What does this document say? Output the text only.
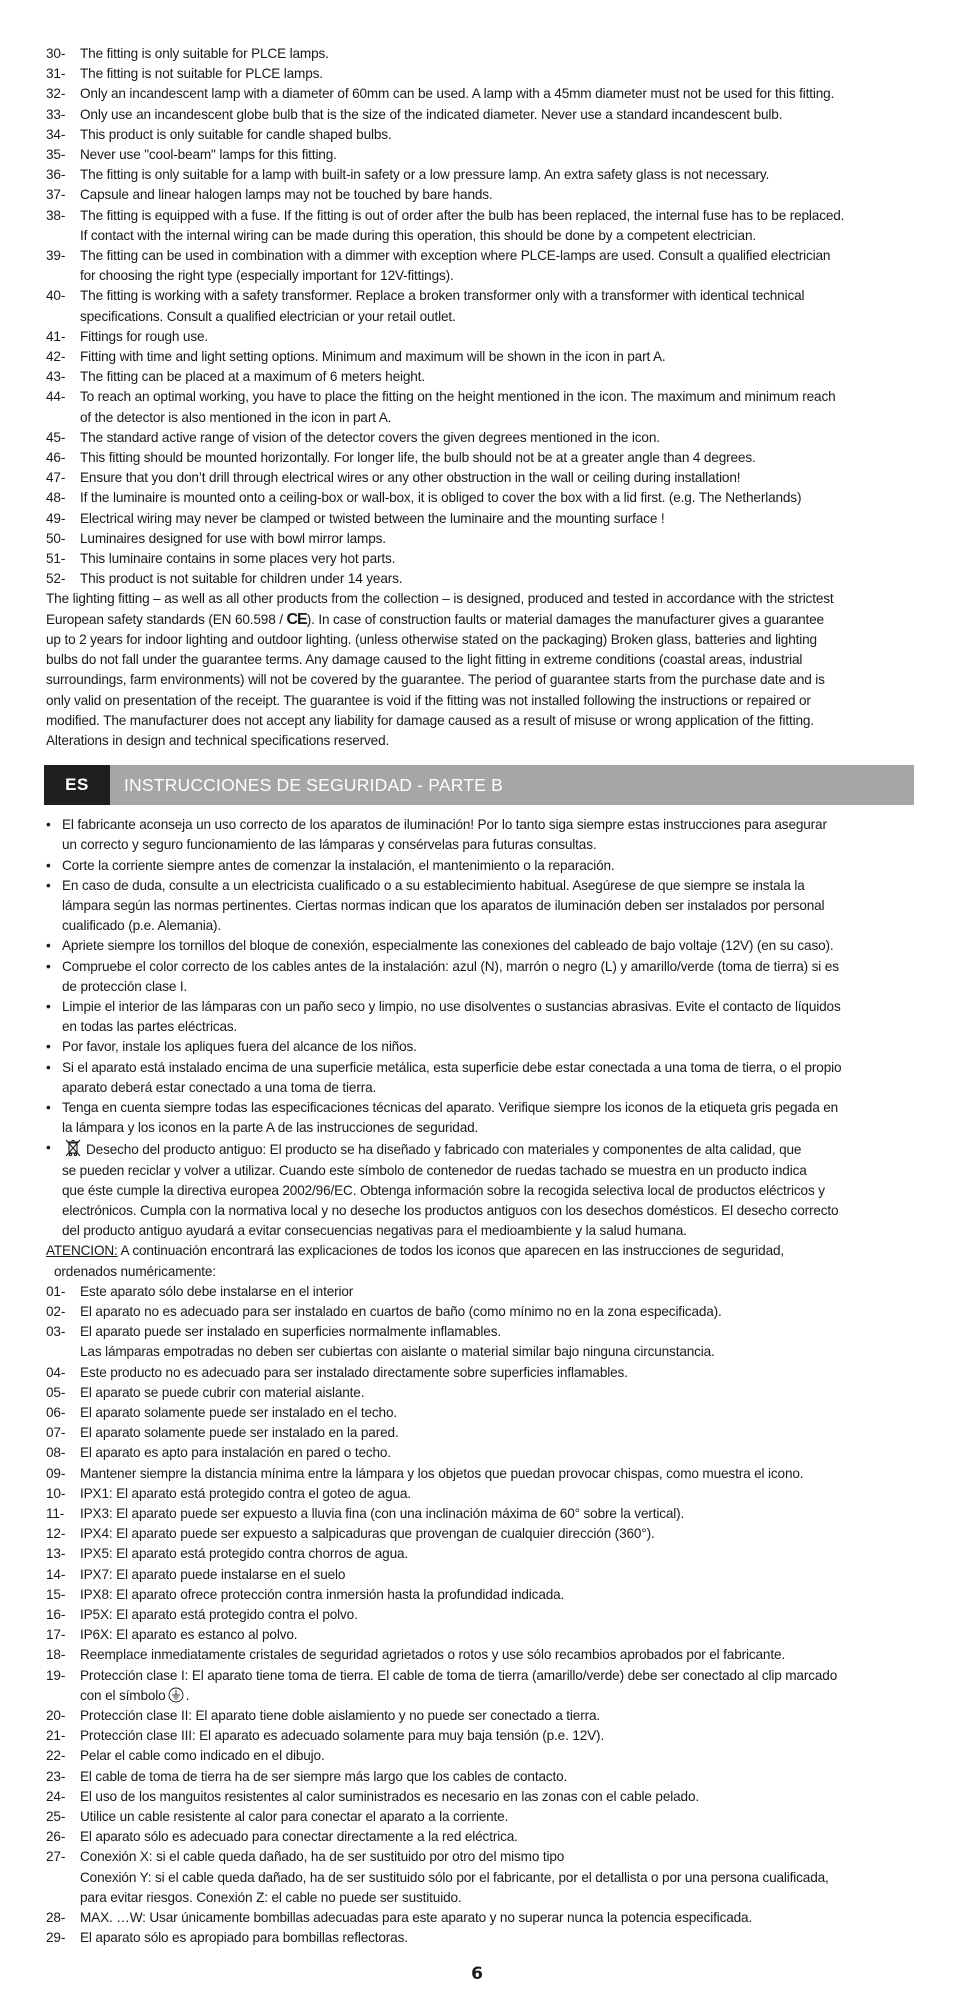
30-	The fitting is only suitable for PLCE lamps.
31-	The fitting is not suitable for PLCE lamps.
32-	Only an incandescent lamp with a diameter of 60mm can be used. A lamp with a 45mm diameter must not be used for this fitting.
33-	Only use an incandescent globe bulb that is the size of the indicated diameter. Never use a standard incandescent bulb.
34-	This product is only suitable for candle shaped bulbs.
35-	Never use "cool-beam" lamps for this fitting.
36-	The fitting is only suitable for a lamp with built-in safety or a low pressure lamp. An extra safety glass is not necessary.
37-	Capsule and linear halogen lamps may not be touched by bare hands.
38-	The fitting is equipped with a fuse. If the fitting is out of order after the bulb has been replaced, the internal fuse has to be replaced.
If contact with the internal wiring can be made during this operation, this should be done by a competent electrician.
39-	The fitting can be used in combination with a dimmer with exception where PLCE-lamps are used. Consult a qualified electrician
for choosing the right type (especially important for 12V-fittings).
40-	The fitting is working with a safety transformer. Replace a broken transformer only with a transformer with identical technical
specifications. Consult a qualified electrician or your retail outlet.
41-	Fittings for rough use.
42-	Fitting with time and light setting options. Minimum and maximum will be shown in the icon in part A.
43-	The fitting can be placed at a maximum of 6 meters height.
44-	To reach an optimal working, you have to place the fitting on the height mentioned in the icon. The maximum and minimum reach
of the detector is also mentioned in the icon in part A.
45-	The standard active range of vision of the detector covers the given degrees mentioned in the icon.
46-	This fitting should be mounted horizontally. For longer life, the bulb should not be at a greater angle than 4 degrees.
47-	Ensure that you don’t drill through electrical wires or any other obstruction in the wall or ceiling during installation!
48-	If the luminaire is mounted onto a ceiling-box or wall-box, it is obliged to cover the box with a lid first. (e.g. The Netherlands)
49-	Electrical wiring may never be clamped or twisted between the luminaire and the mounting surface !
50-	Luminaires designed for use with bowl mirror lamps.
51-	This luminaire contains in some places very hot parts.
52-	This product is not suitable for children under 14 years.
The lighting fitting – as well as all other products from the collection – is designed, produced and tested in accordance with the strictest
European safety standards (EN 60.598 / CE). In case of construction faults or material damages the manufacturer gives a guarantee
up to 2 years for indoor lighting and outdoor lighting. (unless otherwise stated on the packaging) Broken glass, batteries and lighting
bulbs do not fall under the guarantee terms. Any damage caused to the light fitting in extreme conditions (coastal areas, industrial
surroundings, farm environments) will not be covered by the guarantee. The period of guarantee starts from the purchase date and is
only valid on presentation of the receipt. The guarantee is void if the fitting was not installed following the instructions or repaired or
modified. The manufacturer does not accept any liability for damage caused as a result of misuse or wrong application of the fitting.
Alterations in design and technical specifications reserved.
ES	INSTRUCCIONES DE SEGURIDAD - PARTE B
• El fabricante aconseja un uso correcto de los aparatos de iluminación! Por lo tanto siga siempre estas instrucciones para asegurar
un correcto y seguro funcionamiento de las lámparas y consérvelas para futuras consultas.
• Corte la corriente siempre antes de comenzar la instalación, el mantenimiento o la reparación.
• En caso de duda, consulte a un electricista cualificado o a su establecimiento habitual. Asegúrese de que siempre se instala la
lámpara según las normas pertinentes. Ciertas normas indican que los aparatos de iluminación deben ser instalados por personal
cualificado (p.e. Alemania).
• Apriete siempre los tornillos del bloque de conexión, especialmente las conexiones del cableado de bajo voltaje (12V) (en su caso).
• Compruebe el color correcto de los cables antes de la instalación: azul (N), marrón o negro (L) y amarillo/verde (toma de tierra) si es
de protección clase I.
• Limpie el interior de las lámparas con un paño seco y limpio, no use disolventes o sustancias abrasivas. Evite el contacto de líquidos
en todas las partes eléctricas.
• Por favor, instale los apliques fuera del alcance de los niños.
• Si el aparato está instalado encima de una superficie metálica, esta superficie debe estar conectada a una toma de tierra, o el propio
aparato deberá estar conectado a una toma de tierra.
• Tenga en cuenta siempre todas las especificaciones técnicas del aparato. Verifique siempre los iconos de la etiqueta gris pegada en
la lámpara y los iconos en la parte A de las instrucciones de seguridad.
•	Desecho del producto antiguo: El producto se ha diseñado y fabricado con materiales y componentes de alta calidad, que
se pueden reciclar y volver a utilizar. Cuando este símbolo de contenedor de ruedas tachado se muestra en un producto indica
que éste cumple la directiva europea 2002/96/EC. Obtenga información sobre la recogida selectiva local de productos eléctricos y
electrónicos. Cumpla con la normativa local y no deseche los productos antiguos con los desechos domésticos. El desecho correcto
del producto antiguo ayudará a evitar consecuencias negativas para el medioambiente y la salud humana.
ATENCION: A continuación encontrará las explicaciones de todos los iconos que aparecen en las instrucciones de seguridad,
ordenados numéricamente:
01-	Este aparato sólo debe instalarse en el interior
02-	El aparato no es adecuado para ser instalado en cuartos de baño (como mínimo no en la zona especificada).
03-	El aparato puede ser instalado en superficies normalmente inflamables.
Las lámparas empotradas no deben ser cubiertas con aislante o material similar bajo ninguna circunstancia.
04-	Este producto no es adecuado para ser instalado directamente sobre superficies inflamables.
05-	El aparato se puede cubrir con material aislante.
06-	El aparato solamente puede ser instalado en el techo.
07-	El aparato solamente puede ser instalado en la pared.
08-	El aparato es apto para instalación en pared o techo.
09-	Mantener siempre la distancia mínima entre la lámpara y los objetos que puedan provocar chispas, como muestra el icono.
10-	IPX1: El aparato está protegido contra el goteo de agua.
11-	IPX3: El aparato puede ser expuesto a lluvia fina (con una inclinación máxima de 60° sobre la vertical).
12-	IPX4: El aparato puede ser expuesto a salpicaduras que provengan de cualquier dirección (360°).
13-	IPX5: El aparato está protegido contra chorros de agua.
14-	IPX7: El aparato puede instalarse en el suelo
15-	IPX8: El aparato ofrece protección contra inmersión hasta la profundidad indicada.
16-	IP5X: El aparato está protegido contra el polvo.
17-	IP6X: El aparato es estanco al polvo.
18-	Reemplace inmediatamente cristales de seguridad agrietados o rotos y use sólo recambios aprobados por el fabricante.
19-	Protección clase I: El aparato tiene toma de tierra. El cable de toma de tierra (amarillo/verde) debe ser conectado al clip marcado
con el símbolo .
20-	Protección clase II: El aparato tiene doble aislamiento y no puede ser conectado a tierra.
21-	Protección clase III: El aparato es adecuado solamente para muy baja tensión (p.e. 12V).
22-	Pelar el cable como indicado en el dibujo.
23-	El cable de toma de tierra ha de ser siempre más largo que los cables de contacto.
24-	El uso de los manguitos resistentes al calor suministrados es necesario en las zonas con el cable pelado.
25-	Utilice un cable resistente al calor para conectar el aparato a la corriente.
26-	El aparato sólo es adecuado para conectar directamente a la red eléctrica.
27-	Conexión X: si el cable queda dañado, ha de ser sustituido por otro del mismo tipo
Conexión Y: si el cable queda dañado, ha de ser sustituido sólo por el fabricante, por el detallista o por una persona cualificada,
para evitar riesgos. Conexión Z: el cable no puede ser sustituido.
28-	MAX. …W: Usar únicamente bombillas adecuadas para este aparato y no superar nunca la potencia especificada.
29-	El aparato sólo es apropiado para bombillas reflectoras.
6
